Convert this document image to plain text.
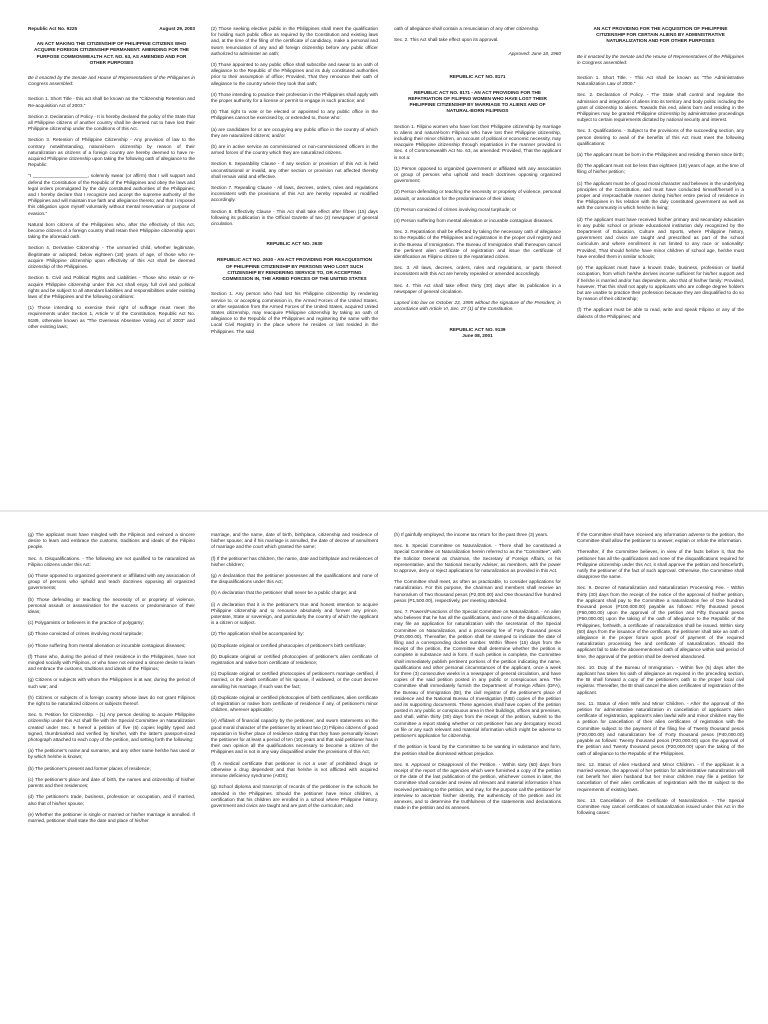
Republic Act No. 9225	August 29, 2003
AN ACT MAKING THE CITIZENSHIP OF PHILIPPINE CITIZENS WHO ACQUIRE FOREIGN CITIZENSHIP PERMANENT. AMENDING FOR THE PURPOSE COMMONWEALTH ACT. NO. 63, AS AMENDED AND FOR OTHER PURPOSES
Be it enacted by the Senate and House of Representatives of the Philippines in Congress assembled:

Section 1. Short Title - this act shall be known as the "Citizenship Retention and Re-acquisition Act of 2003."

Section 2. Declaration of Policy - It is hereby declared the policy of the State that all Philippine citizens of another country shall be deemed not to have lost their Philippine citizenship under the conditions of this Act.

Section 3. Retention of Philippine Citizenship - Any provision of law to the contrary notwithstanding, natural-born citizenship by reason of their naturalization as citizens of a foreign country are hereby deemed to have re-acquired Philippine citizenship upon taking the following oath of allegiance to the Republic:

"I _____________________, solemnly swear (or affirm) that I will support and defend the Constitution of the Republic of the Philippines and obey the laws and legal orders promulgated by the duly constituted authorities of the Philippines; and I hereby declare that I recognize and accept the supreme authority of the Philippines and will maintain true faith and allegiance thereto; and that I imposed this obligation upon myself voluntarily without mental reservation or purpose of evasion."

Natural born citizens of the Philippines who, after the effectivity of this Act, become citizens of a foreign country shall retain their Philippine citizenship upon taking the aforesaid oath.

Section 4. Derivative Citizenship - The unmarried child, whether legitimate, illegitimate or adopted, below eighteen (18) years of age, of those who re-acquire Philippine citizenship upon effectivity of this Act shall be deemed citizenship of the Philippines.

Section 5. Civil and Political Rights and Liabilities - Those who retain or re-acquire Philippine citizenship under this Act shall enjoy full civil and political rights and be subject to all attendant liabilities and responsibilities under existing laws of the Philippines and the following conditions:

(1) Those intending to exercise their right of suffrage must meet the requirements under Section 1, Article V of the Constitution, Republic Act No. 9189, otherwise known as "The Overseas Absentee Voting Act of 2003" and other existing laws;

(2) Those seeking elective public in the Philippines shall meet the qualification for holding such public office as required by the Constitution and existing laws and, at the time of the filing of the certificate of candidacy, make a personal and sworn renunciation of any and all foreign citizenship before any public officer authorized to administer an oath;

(3) Those appointed to any public office shall subscribe and swear to an oath of allegiance to the Republic of the Philippines and its duly constituted authorities prior to their assumption of office; Provided, That they renounce their oath of allegiance to the country where they took that oath;

(4) Those intending to practice their profession in the Philippines shall apply with the proper authority for a license or permit to engage in such practice; and

(5) That right to vote or be elected or appointed to any public office in the Philippines cannot be exercised by, or extended to, those who:

(a) are candidates for or are occupying any public office in the country of which they are naturalized citizens; and/or

(b) are in active service as commissioned or non-commissioned officers in the armed forces of the country which they are naturalized citizens.

Section 6. Separability Clause - If any section or provision of this Act is held unconstitutional or invalid, any other section or provision not affected thereby shall remain valid and effective.

Section 7. Repealing Clause - All laws, decrees, orders, rules and regulations inconsistent with the provisions of this Act are hereby repealed or modified accordingly.

Section 8. Effectivity Clause - This Act shall take effect after fifteen (15) days following its publication in the Official Gazette of two (2) newspaper of general circulation.

REPUBLIC ACT NO. 2630
REPUBLIC ACT NO. 2630 - AN ACT PROVIDING FOR REACQUISITION OF PHILIPPINE CITIZENSHIP BY PERSONS WHO LOST SUCH CITIZENSHIP BY RENDERING SERVICE TO, OR ACCEPTING COMMISSION IN, THE ARMED FORCES OF THE UNITED STATES

Section 1. Any person who had lost his Philippine citizenship by rendering service to, or accepting commission in, the Armed Forces of the United States, or after separation from the Armed Forces of the United States, acquired United States citizenship, may reacquire Philippine citizenship by taking an oath of allegiance to the Republic of the Philippines and registering the same with the Local Civil Registry in the place where he resides or last resided in the Philippines. The said

oath of allegiance shall contain a renunciation of any other citizenship.

Sec. 2. This Act shall take effect upon its approval.

Approved: June 18, 1960
REPUBLIC ACT NO. 8171
REPUBLIC ACT NO. 8171 - AN ACT PROVIDING FOR THE REPATRIATION OF FILIPINO WOMEN WHO HAVE LOST THEIR PHILIPPINE CITIZENSHIP BY MARRIAGE TO ALIENS AND OF NATURAL-BORN FILIPINOS

Section 1. Filipino women who have lost their Philippine citizenship by marriage to aliens and natural-born Filipinos who have lost their Philippine citizenship, including their minor children, on account of political or economic necessity, may reacquire Philippine citizenship through repatriation in the manner provided in Sec. 4 of Commonwealth Act No. 63, as amended: Provided, That the applicant is not a:

(1) Person opposed to organized government or affiliated with any association or group of persons who uphold and teach doctrines opposing organized government;

(2) Person defending or teaching the necessity or propriety of violence, personal assault, or association for the predominance of their ideas;

(3) Person convicted of crimes involving moral turpitude; or

(4) Person suffering from mental alienation or incurable contagious diseases.

Sec. 2. Repatriation shall be effected by taking the necessary oath of allegiance to the Republic of the Philippines and registration in the proper civil registry and in the Bureau of Immigration. The Bureau of Immigration shall thereupon cancel the pertinent alien certificate of registration and issue the certificate of identification as Filipino citizen to the repatriated citizen.

Sec. 3. All laws, decrees, orders, rules and regulations, or parts thereof inconsistent with this Act are hereby repealed or amended accordingly.

Sec. 4. This Act shall take effect thirty (30) days after its publication in a newspaper of general circulation.

Lapsed into law on October 23, 1995 without the signature of the President, in accordance with Article VI, Sec. 27 (1) of the Constitution.

REPUBLIC ACT NO. 9139
June 08, 2001
AN ACT PROVIDING FOR THE ACQUISITION OF PHILIPPINE CITIZENSHIP FOR CERTAIN ALIENS BY ADMINISTRATIVE NATURALIZATION AND FOR OTHER PURPOSES
Be it enacted by the Senate and the House of Representatives of the Philippines in Congress assembled:

Section 1. Short Title. - This Act shall be known as "The Administrative Naturalization Law of 2000."

Sec. 2. Declaration of Policy. - The State shall control and regulate the admission and integration of aliens into its territory and body politic including the grant of citizenship to aliens. Towards this end, aliens born and residing in the Philippines may be granted Philippine citizenship by administrative proceedings subject to certain requirements dictated by national security and interest.

Sec. 3. Qualifications. - Subject to the provisions of the succeeding section, any person desiring to avail of the benefits of this Act must meet the following qualifications:

(a) The applicant must be born in the Philippines and residing therein since birth;

(b) The applicant must not be less than eighteen (18) years of age, at the time of filing of his/her petition;

(c) The applicant must be of good moral character and believes in the underlying principles of the Constitution, and must have conducted himself/herself in a proper and irreproachable manner during his/her entire period of residence in the Philippines in his relation with the duly constituted government as well as with the community in which he/she is living;

(d) The applicant must have received his/her primary and secondary education in any public school or private educational institution duly recognized by the Department of Education, Culture and Sports, where Philippine history, government and civics are taught and prescribed as part of the school curriculum and where enrollment is not limited to any race or nationality: Provided, That should he/she have minor children of school age, he/she must have enrolled them in similar schools;

(e) The applicant must have a known trade, business, profession or lawful occupation, from which he/she derives income sufficient for his/her support and if he/she is married and/or has dependents, also that of his/her family: Provided, however, That this shall not apply to applicants who are college degree holders but are unable to practice their profession because they are disqualified to do so by reason of their citizenship;

(f) The applicant must be able to read, write and speak Filipino or any of the dialects of the Philippines; and

(g) The applicant must have mingled with the Filipinos and evinced a sincere desire to learn and embrace the customs, traditions and ideals of the Filipino people.

Sec. 4. Disqualifications. - The following are not qualified to be naturalized as Filipino citizens under this Act:

(a) Those opposed to organized government or affiliated with any association of group of persons who uphold and teach doctrines opposing all organized governments;

(b) Those defending or teaching the necessity of or propriety of violence, personal assault or assassination for the success or predominance of their ideas;

(c) Polygamists or believers in the practice of polygamy;

(d) Those convicted of crimes involving moral turpitude;

(e) Those suffering from mental alienation or incurable contagious diseases;

(f) Those who, during the period of their residence in the Philippines, have not mingled socially with Filipinos, or who have not evinced a sincere desire to learn and embrace the customs, traditions and ideals of the Filipinos;

(g) Citizens or subjects with whom the Philippines is at war, during the period of such war; and

(h) Citizens or subjects of a foreign country whose laws do not grant Filipinos the right to be naturalized citizens or subjects thereof.

Sec. 5. Petition for Citizenship. - (1) Any person desiring to acquire Philippine citizenship under this Act shall file with the Special Committee on Naturalization created under Sec. 6 hereof a petition of five (5) copies legibly typed and signed, thumbmarked and verified by him/her, with the latter's passport-sized photograph attached to each copy of the petition, and setting forth the following:

(a) The petitioner's name and surname, and any other name he/she has used or by which he/she is known;

(b) The petitioner's present and former places of residence;

(c) The petitioner's place and date of birth, the names and citizenship of his/her parents and their residences;

(d) The petitioner's trade, business, profession or occupation, and if married, also that of his/her spouse;

(e) Whether the petitioner is single or married or his/her marriage is annulled. If married, petitioner shall state the date and place of his/her

marriage, and the name, date of birth, birthplace, citizenship and residence of his/her spouse; and if his marriage is annulled, the date of decree of annulment of marriage and the court which granted the same;

(f) If the petitioner has children, the name, date and birthplace and residences of his/her children;

(g) A declaration that the petitioner possesses all the qualifications and none of the disqualifications under this Act;

(h) A declaration that the petitioner shall never be a public charge; and

(i) A declaration that it is the petitioner's true and honest intention to acquire Philippine citizenship and to renounce absolutely and forever any prince, potentate, State or sovereign, and particularly the country of which the applicant is a citizen or subject.

(2) The application shall be accompanied by:

(a) Duplicate original or certified photocopies of petitioner's birth certificate;

(b) Duplicate original or certified photocopies of petitioner's alien certificate of registration and native born certificate of residence;

(c) Duplicate original or certified photocopies of petitioner's marriage certified, if married, or the death certificate of his spouse, if widowed, or the court decree annulling his marriage, if such was the fact;

(d) Duplicate original or certified photocopies of birth certificates, alien certificate of registration or native born certificate of residence if any, of petitioner's minor children, wherever applicable;

(e) Affidavit of financial capacity by the petitioner, and sworn statements on the good moral character of the petitioner by at least two (2) Filipino citizens of good reputation in his/her place of residence stating that they have personally known the petitioner for at least a period of ten (10) years and that said petitioner has in their own opinion all the qualifications necessary to become a citizen of the Philippines and is not in any way disqualified under the provisions of this Act;

(f) A medical certificate that petitioner is not a user of prohibited drugs or otherwise a drug dependent and that he/she is not afflicted with acquired immune deficiency syndrome (AIDS);

(g) School diploma and transcript of records of the petitioner in the schools he attended in the Philippines. Should the petitioner have minor children, a certification that his children are enrolled in a school where Philippine history, government and civics are taught and are part of the curriculum; and

(h) If gainfully employed, the income tax return for the past three (3) years.

Sec. 6. Special Committee on Naturalization. - There shall be constituted a Special Committee on Naturalization herein referred to as the "Committee", with the Solicitor General as chairman, the Secretary of Foreign Affairs, or his representative, and the National Security Adviser, as members, with the power to approve, deny or reject applications for naturalization as provided in this Act.

The Committee shall meet, as often as practicable, to consider applications for naturalization. For this purpose, the chairman and members shall receive an honorarium of Two thousand pesos (P2,000.00) and One thousand five hundred pesos (P1,500.00), respectively, per meeting attended.

Sec. 7. Powers/Functions of the Special Committee on Naturalization. - An alien who believes that he has all the qualifications, and none of the disqualifications, may file an application for naturalization with the secretariat of the Special Committee on Naturalization, and a processing fee of Forty thousand pesos (P40,000.00). Thereafter, the petition shall be stamped to indicate the date of filing and a corresponding docket number. Within fifteen (15) days from the receipt of the petition, the Committee shall determine whether the petition is complete in substance and in form. If such petition is complete, the Committee shall immediately publish pertinent portions of the petition indicating the name, qualifications and other personal circumstances of the applicant, once a week for three (3) consecutive weeks in a newspaper of general circulation, and have copies of the said petition posted in any public or conspicuous area. The Committee shall immediately furnish the Department of Foreign Affairs (DFA), the Bureau of Immigration (BI), the civil registrar of the petitioner's place of residence and the National Bureau of Investigation (NBI) copies of the petition and its supporting documents. These agencies shall have copies of the petition posted in any public or conspicuous area in their buildings, offices and premises, and shall, within thirty (30) days from the receipt of the petition, submit to the Committee a report stating whether or not petitioner has any derogatory record on file or any such relevant and material information which might be adverse to petitioner's application for citizenship.

If the petition is found by the Committee to be wanting in substance and form, the petition shall be dismissed without prejudice.

Sec. 8. Approval or Disapproval of the Petition. - Within sixty (60) days from receipt of the report of the agencies which were furnished a copy of the petition or the date of the last publication of the petition, whichever comes in later, the Committee shall consider and review all relevant and material information it has received pertaining to the petition, and may, for the purpose call the petitioner for interview to ascertain his/her identity, the authenticity of the petition and its annexes, and to determine the truthfulness of the statements and declarations made in the petition and its annexes.

If the Committee shall have received any information adverse to the petition, the Committee shall allow the petitioner to answer, explain or refute the information.

Thereafter, if the Committee believes, in view of the facts before it, that the petitioner has all the qualifications and none of the disqualifications required for Philippine citizenship under this Act, it shall approve the petition and henceforth, notify the petitioner of the fact of such approval. Otherwise, the Committee shall disapprove the same.

Sec. 9. Decree of Naturalization and Naturalization Processing Fee. - Within thirty (30) days from the receipt of the notice of the approval of his/her petition, the applicant shall pay to the Committee a naturalization fee of One hundred thousand pesos (P100,000.00) payable as follows: Fifty thousand pesos (P50,000.00) upon the approval of the petition and Fifty thousand pesos (P50,000.00) upon the taking of the oath of allegiance to the Republic of the Philippines, forthwith, a certificate of naturalization shall be issued. Within sixty (60) days from the issuance of the certificate, the petitioner shall take an oath of allegiance in the proper forum upon proof of payment of the required naturalization processing fee and certificate of naturalization. Should the applicant fail to take the abovementioned oath of allegiance within said period of time, the approval of the petition shall be deemed abandoned.

Sec. 10. Duty of the Bureau of Immigration. - Within five (5) days after the applicant has taken his oath of allegiance as required in the preceding section, the BI shall forward a copy of the petitioner's oath to the proper local civil registrar. Thereafter, the BI shall cancel the alien certificates of registration of the applicant.

Sec. 11. Status of Alien Wife and Minor Children. - After the approval of the petition for administrative naturalization in cancellation of applicant's alien certificate of registration, applicant's alien lawful wife and minor children may file a petition for cancellation of their alien certificates of registration with the Committee subject to the payment of the filing fee of Twenty thousand pesos (P20,000.00) and naturalization fee of Forty thousand pesos (P40,000.00) payable as follows: Twenty thousand pesos (P20,000.00) upon the approval of the petition and Twenty thousand pesos (P20,000.00) upon the taking of the oath of allegiance to the Republic of the Philippines.

Sec. 12. Status of Alien Husband and Minor Children. - If the applicant is a married woman, the approval of her petition for administrative naturalization will not benefit her alien husband but her minor children may file a petition for cancellation of their alien certificates of registration with the BI subject to the requirements of existing laws.

Sec. 13. Cancellation of the Certificate of Naturalization. - The Special Committee may cancel certificates of naturalization issued under this Act in the following cases:
